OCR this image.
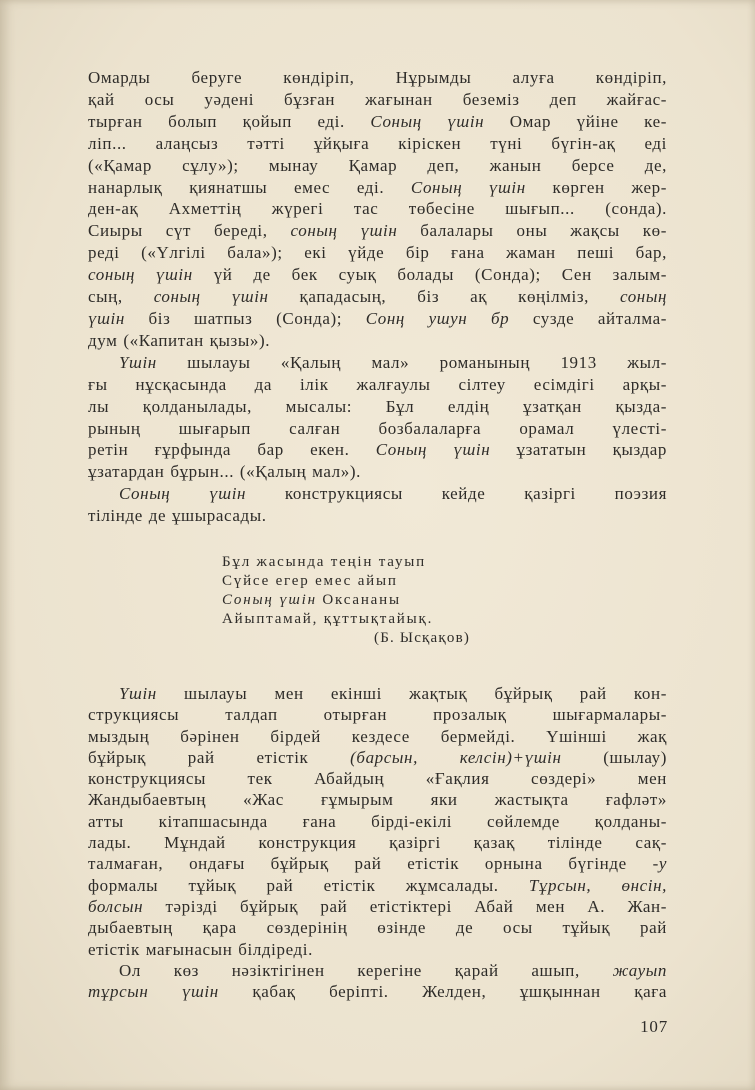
Омарды беруге көндіріп, Нұрымды алуға көндіріп,
қай осы уәдені бұзған жағынан беземіз деп жайғас-
тырған болып қойып еді. Соның үшін Омар үйіне ке-
ліп... алаңсыз тәтті ұйқыға кіріскен түні бүгін-ақ еді
(«Қамар сұлу»); мынау Қамар деп, жанын берсе де,
нанарлық қиянатшы емес еді. Соның үшін көрген жер-
ден-ақ Ахметтің жүрегі тас төбесіне шығып... (сонда).
Сиыры сүт береді, соның үшін балалары оны жақсы кө-
реді («Үлгілі бала»); екі үйде бір ғана жаман пеші бар,
соның үшін үй де бек суық болады (Сонда); Сен залым-
сың, соның үшін қападасың, біз ақ көңілміз, соның
үшін біз шатпыз (Сонда); Сонң ушун бр сузде айталма-
дум («Капитан қызы»).
Үшін шылауы «Қалың мал» романының 1913 жыл-
ғы нұсқасында да ілік жалғаулы сілтеу есімдігі арқы-
лы қолданылады, мысалы: Бұл елдің ұзатқан қызда-
рының шығарып салған бозбалаларға орамал үлесті-
ретін ғұрфында бар екен. Соның үшін ұзататын қыздар
ұзатардан бұрын... («Қалың мал»).
Соның үшін конструкциясы кейде қазіргі поэзия
тілінде де ұшырасады.
Бұл жасында теңін тауып
Сүйсе егер емес айып
Соның үшін Оксананы
Айыптамай, құттықтайық.
(Б. Ысқақов)
Үшін шылауы мен екінші жақтық бұйрық рай кон-
струкциясы талдап отырған прозалық шығармалары-
мыздың бәрінен бірдей кездесе бермейді. Үшінші жақ
бұйрық рай етістік (барсын, келсін)+үшін (шылау)
конструкциясы тек Абайдың «Ғақлия сөздері» мен
Жандыбаевтың «Жас ғұмырым яки жастықта ғафләт»
атты кітапшасында ғана бірді-екілі сөйлемде қолданы-
лады. Мұндай конструкция қазіргі қазақ тілінде сақ-
талмаған, ондағы бұйрық рай етістік орнына бүгінде -у
формалы тұйық рай етістік жұмсалады. Тұрсын, өнсін,
болсын тәрізді бұйрық рай етістіктері Абай мен А. Жан-
дыбаевтың қара сөздерінің өзінде де осы тұйық рай
етістік мағынасын білдіреді.
Ол көз нәзіктігінен керегіне қарай ашып, жауып
тұрсын үшін қабақ беріпті. Желден, ұшқыннан қаға
107
